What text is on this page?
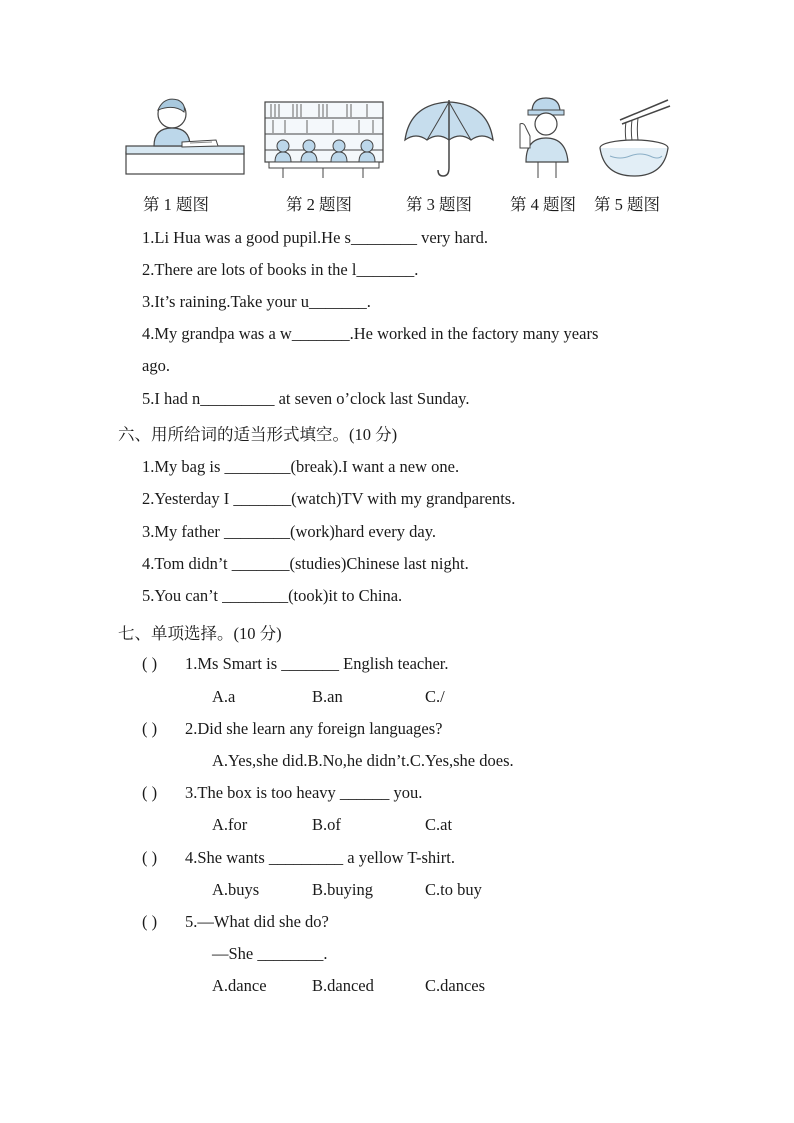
第 1 题图	第 2 题图	第 3 题图 第 4 题图 第 5 题图
1.Li Hua was a good pupil.He s________ very hard.
2.There are lots of books in the l_______.
3.It’s raining.Take your u_______.
4.My grandpa was a w_______.He worked in the factory many years
ago.
5.I had n_________ at seven o’clock last Sunday.
六、用所给词的适当形式填空。(10 分)
1.My bag is ________(break).I want a new one.
2.Yesterday I _______(watch)TV with my grandparents.
3.My father ________(work)hard every day.
4.Tom didn’t _______(studies)Chinese last night.
5.You can’t ________(took)it to China.
七、单项选择。(10 分)
( ) 1.Ms Smart is _______ English teacher.
A.a	B.an	C./
( ) 2.Did she learn any foreign languages?
A.Yes,she did.B.No,he didn’t.C.Yes,she does.
( ) 3.The box is too heavy ______ you.
A.for	B.of	C.at
( ) 4.She wants _________ a yellow T-shirt.
A.buys	B.buying	C.to buy
( ) 5.—What did she do?
—She ________.
A.dance	B.danced	C.dances
